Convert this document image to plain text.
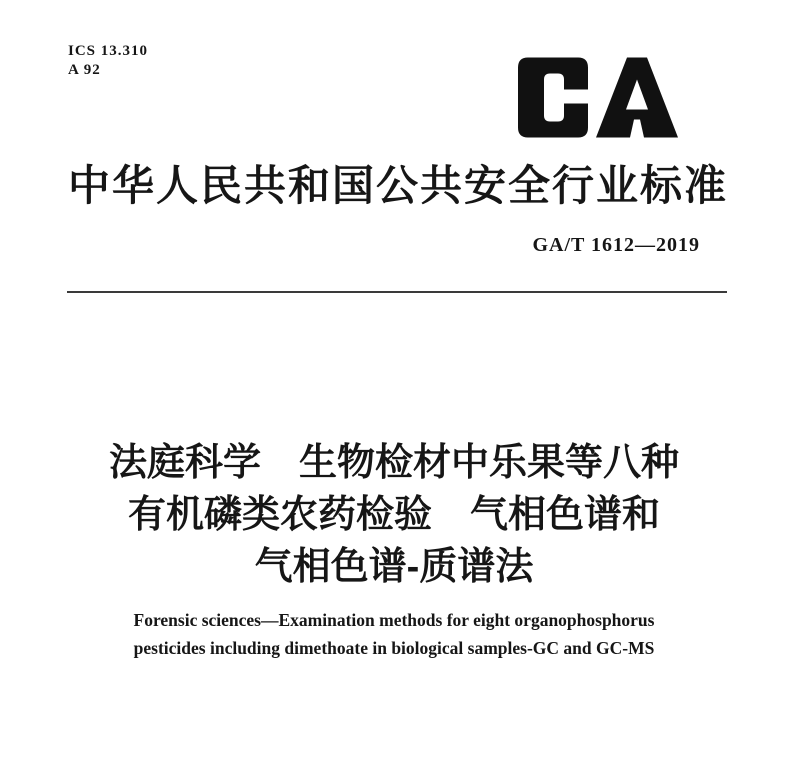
ICS 13.310
A 92
中华人民共和国公共安全行业标准
GA/T 1612—2019
法庭科学　生物检材中乐果等八种
有机磷类农药检验　气相色谱和
气相色谱-质谱法
Forensic sciences—Examination methods for eight organophosphorus
pesticides including dimethoate in biological samples-GC and GC-MS
